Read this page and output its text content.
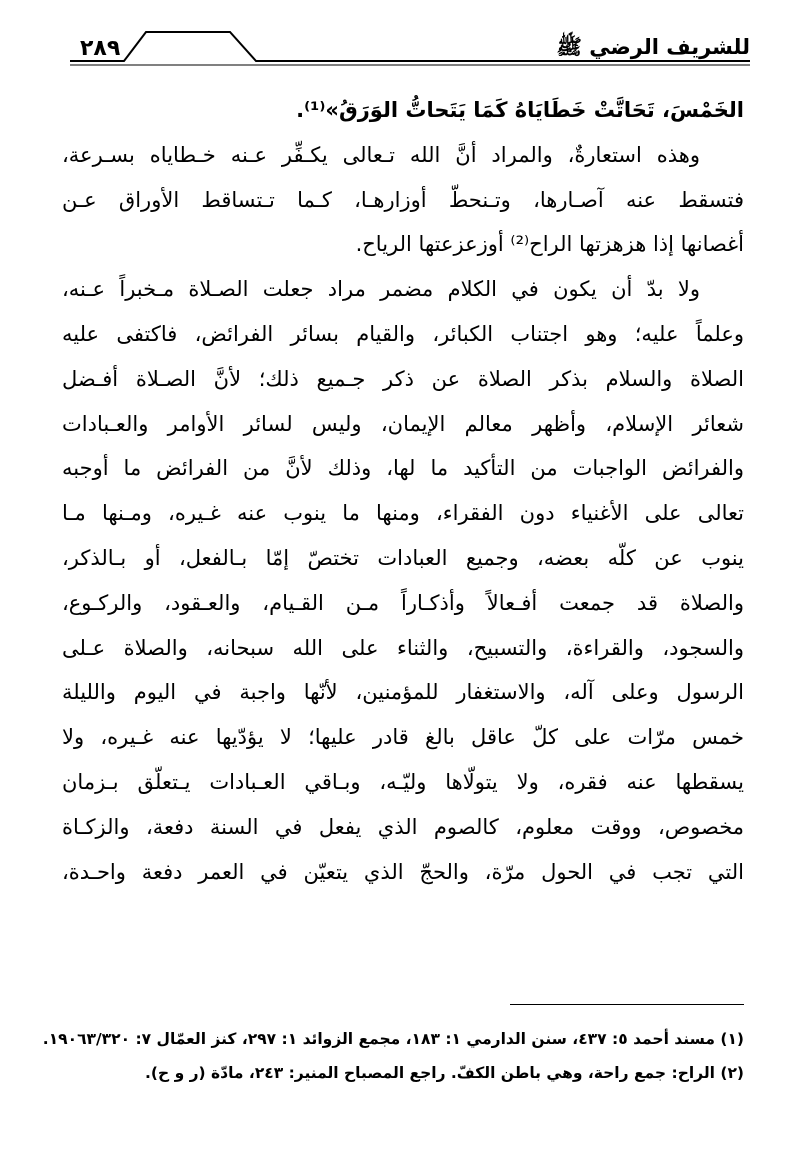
٢٨٩	للشريف الرضي ﷺ
الخَمْسَ، تَحَاتَّتْ خَطَايَاهُ كَمَا يَتَحاتُّ الوَرَقُ»⁽¹⁾.
وهذه استعارةٌ، والمراد أنَّ الله تـعالى يكـفِّر عـنه خـطاياه بسـرعة،
فتسقط عنه آصـارها، وتـنحطّ أوزارهـا، كـما تـتساقط الأوراق عـن
أغصانها إذا هزهزتها الراح⁽²⁾ أوزعزعتها الرياح.
ولا بدّ أن يكون في الكلام مضمر مراد جعلت الصـلاة مـخبراً عـنه،
وعلماً عليه؛ وهو اجتناب الكبائر، والقيام بسائر الفرائض، فاكتفى عليه
الصلاة والسلام بذكر الصلاة عن ذكر جـميع ذلك؛ لأنَّ الصـلاة أفـضل
شعائر الإسلام، وأظهر معالم الإيمان، وليس لسائر الأوامر والعـبادات
والفرائض الواجبات من التأكيد ما لها، وذلك لأنَّ من الفرائض ما أوجبه
تعالى على الأغنياء دون الفقراء، ومنها ما ينوب عنه غـيره، ومـنها مـا
ينوب عن كلّه بعضه، وجميع العبادات تختصّ إمّا بـالفعل، أو بـالذكر،
والصلاة قد جمعت أفـعالاً وأذكـاراً مـن القـيام، والعـقود، والركـوع،
والسجود، والقراءة، والتسبيح، والثناء على الله سبحانه، والصلاة عـلى
الرسول وعلى آله، والاستغفار للمؤمنين، لأنّها واجبة في اليوم والليلة
خمس مرّات على كلّ عاقل بالغ قادر عليها؛ لا يؤدّيها عنه غـيره، ولا
يسقطها عنه فقره، ولا يتولّاها وليّـه، وبـاقي العـبادات يـتعلّق بـزمان
مخصوص، ووقت معلوم، كالصوم الذي يفعل في السنة دفعة، والزكـاة
التي تجب في الحول مرّة، والحجّ الذي يتعيّن في العمر دفعة واحـدة،
(١) مسند أحمد ٥: ٤٣٧، سنن الدارمي ١: ١٨٣، مجمع الزوائد ١: ٢٩٧، كنز العمّال ٧: ١٩٠٦٣/٣٢٠.
(٢) الراح: جمع راحة، وهي باطن الكفّ. راجع المصباح المنير: ٢٤٣، مادّة (ر و ح).
